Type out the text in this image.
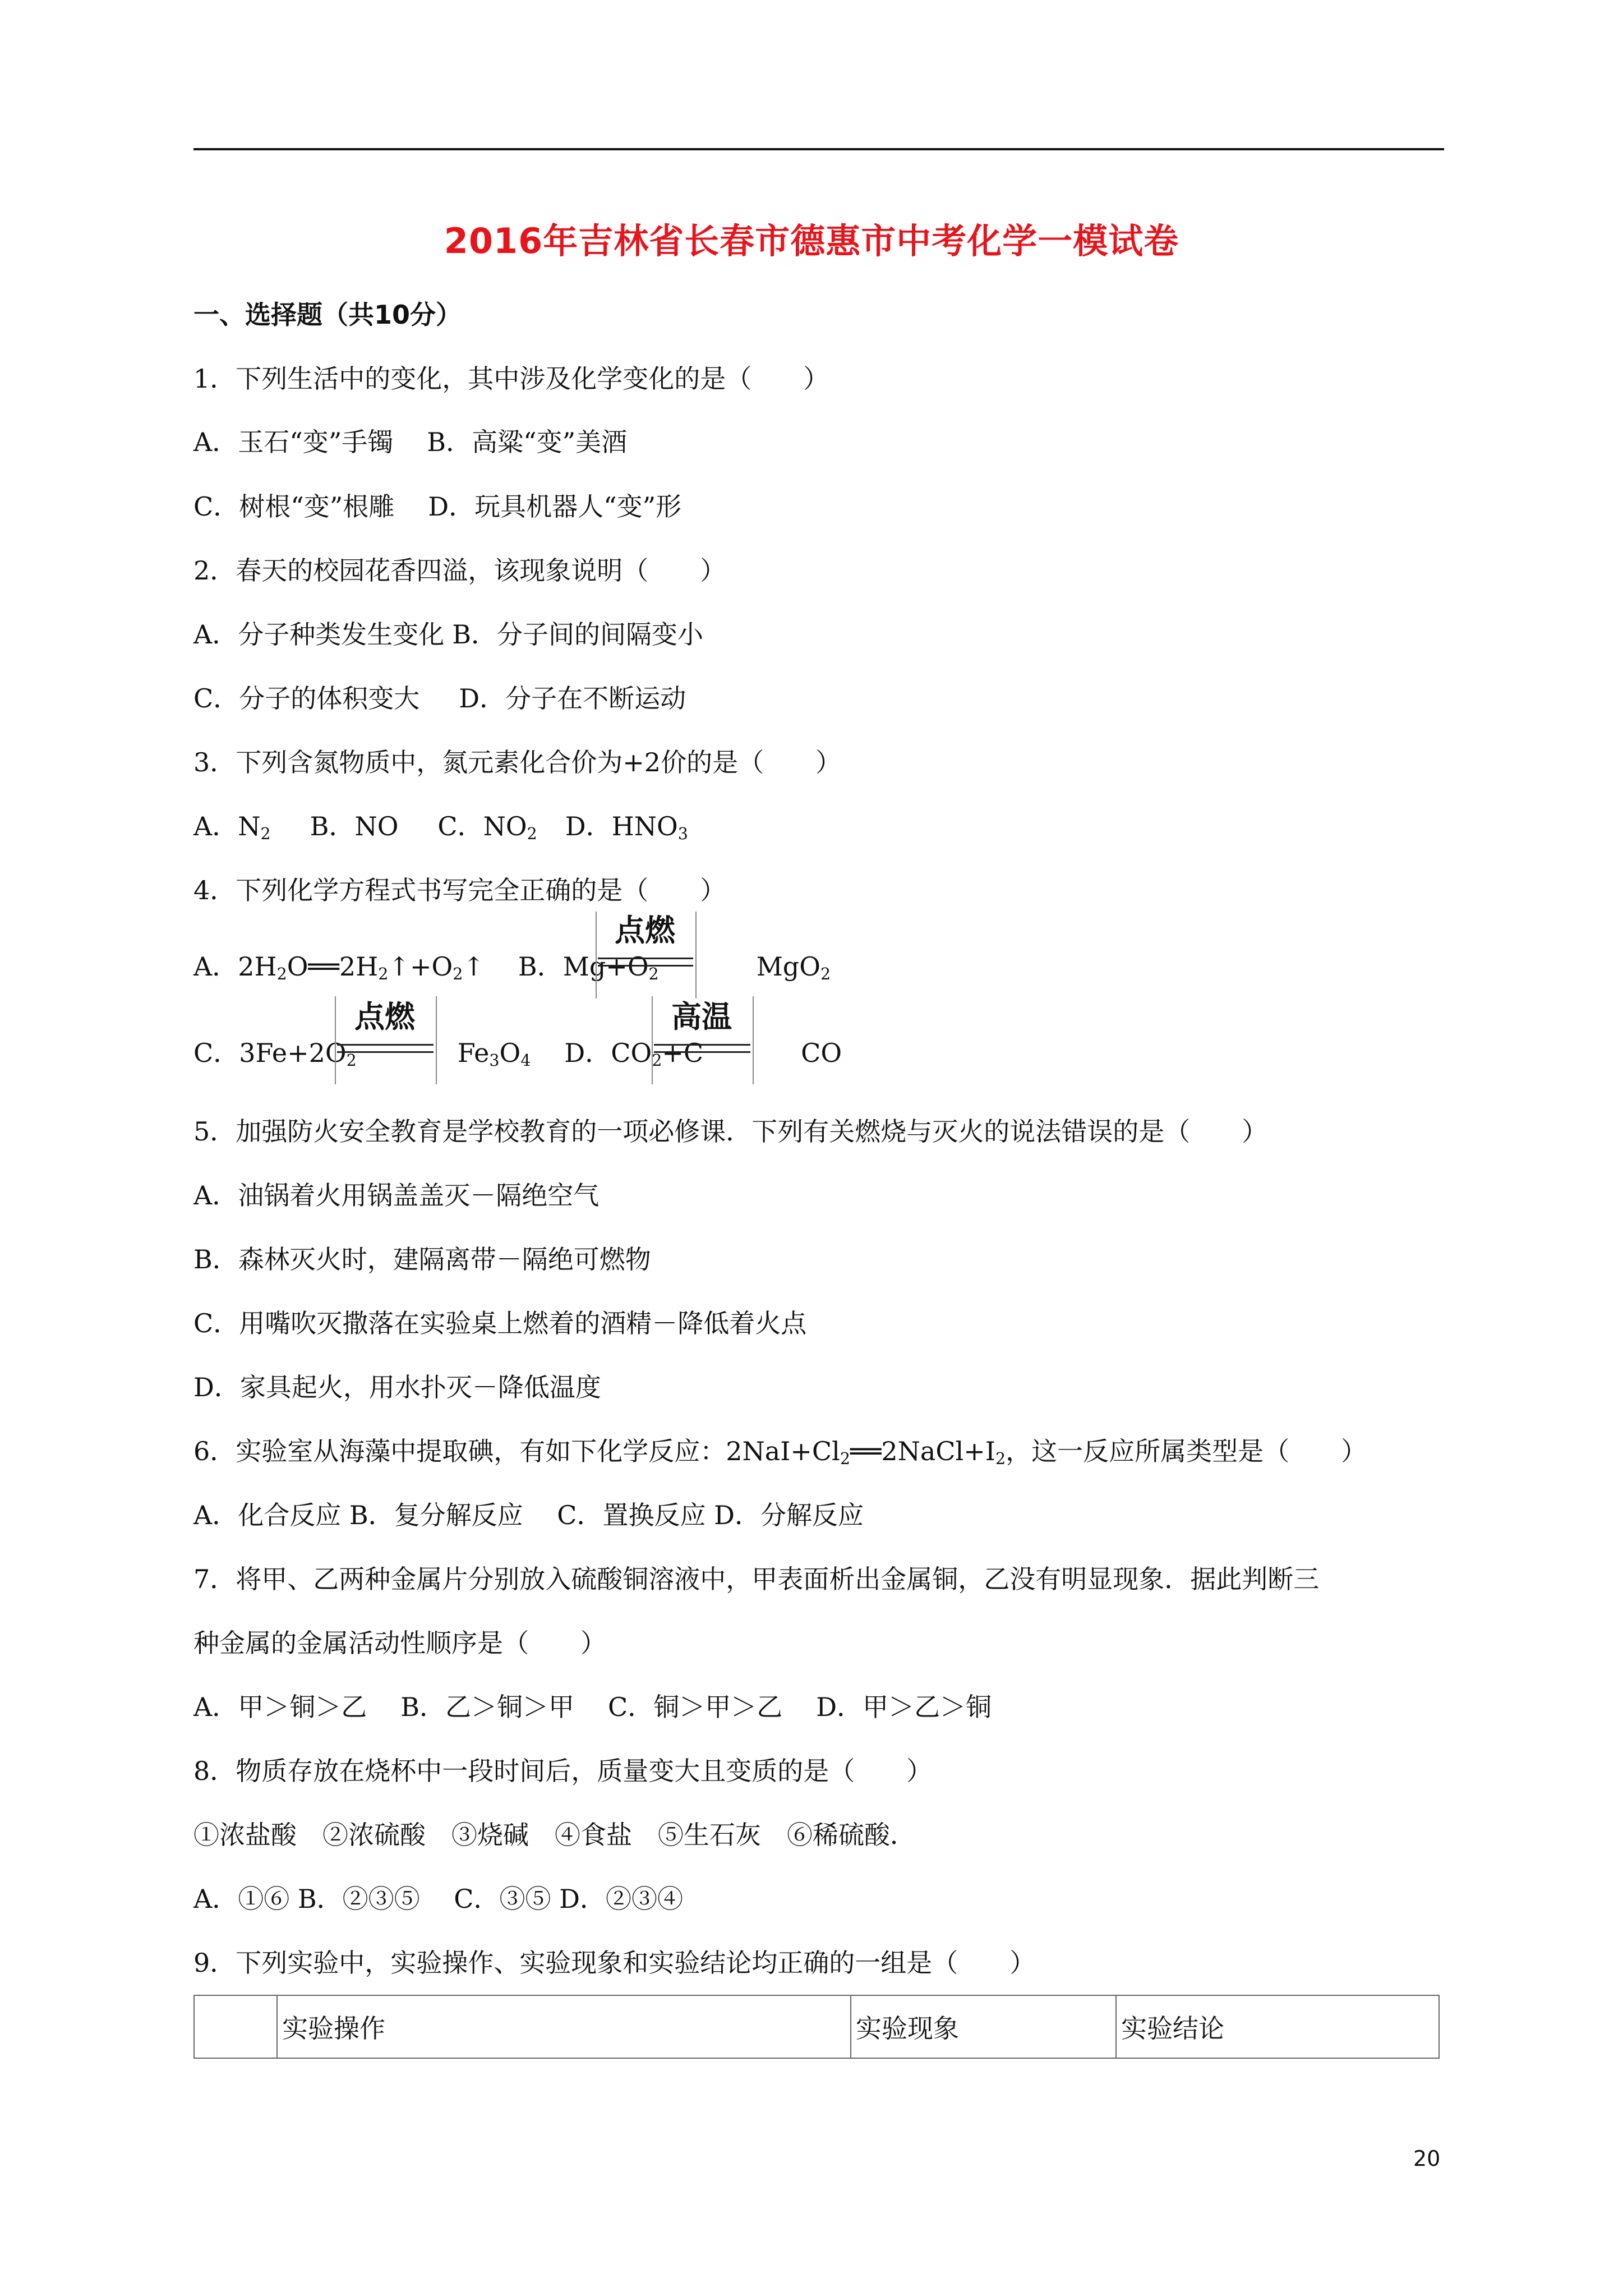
2016年吉林省长春市德惠市中考化学一模试卷
一、选择题（共10分）
1．下列生活中的变化，其中涉及化学变化的是（　　）
A．玉石“变”手镯 B．高粱“变”美酒
C．树根“变”根雕 D．玩具机器人“变”形
2．春天的校园花香四溢，该现象说明（　　）
A．分子种类发生变化 B．分子间的间隔变小
C．分子的体积变大 D．分子在不断运动
3．下列含氮物质中，氮元素化合价为+2价的是（　　）
A．$N_2$ B．NO C．$NO_2$ D．$HNO_3$
4．下列化学方程式书写完全正确的是（　　）
A．$2H_2O══2H_2↑+O_2↑$ B．$Mg+O_2$	MgO$_2$
点燃
C．$3Fe+2O_2$	$Fe_3O_4$ D．$CO_2+C$	CO
点燃	高温
5．加强防火安全教育是学校教育的一项必修课．下列有关燃烧与灭火的说法错误的是（　　）
A．油锅着火用锅盖盖灭－隔绝空气
B．森林灭火时，建隔离带－隔绝可燃物
C．用嘴吹灭撒落在实验桌上燃着的酒精－降低着火点
D．家具起火，用水扑灭－降低温度
6．实验室从海藻中提取碘，有如下化学反应：$2NaI+Cl_2══2NaCl+I_2$，这一反应所属类型是（　　）
A．化合反应 B．复分解反应　 C．置换反应 D．分解反应
7．将甲、乙两种金属片分别放入硫酸铜溶液中，甲表面析出金属铜，乙没有明显现象．据此判断三
种金属的金属活动性顺序是（　　）
A．甲＞铜＞乙 B．乙＞铜＞甲 C．铜＞甲＞乙 D．甲＞乙＞铜
8．物质存放在烧杯中一段时间后，质量变大且变质的是（　　）
①浓盐酸　②浓硫酸　③烧碱　④食盐　⑤生石灰　⑥稀硫酸．
A．①⑥ B．②③⑤　 C．③⑤ D．②③④
9．下列实验中，实验操作、实验现象和实验结论均正确的一组是（　　）
	实验操作	实验现象	实验结论
20
